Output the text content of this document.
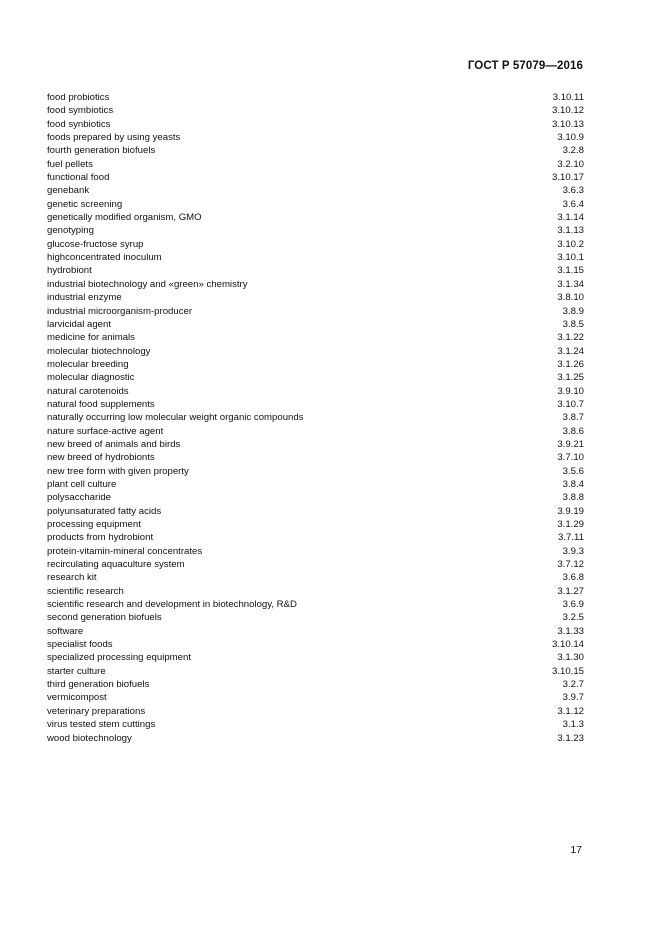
ГОСТ Р 57079—2016
food probiotics	3.10.11
food symbiotics	3.10.12
food synbiotics	3.10.13
foods prepared by using yeasts	3.10.9
fourth generation biofuels	3.2.8
fuel pellets	3.2.10
functional food	3.10.17
genebank	3.6.3
genetic screening	3.6.4
genetically modified organism, GMO	3.1.14
genotyping	3.1.13
glucose-fructose syrup	3.10.2
highconcentrated inoculum	3.10.1
hydrobiont	3.1.15
industrial biotechnology and «green» chemistry	3.1.34
industrial enzyme	3.8.10
industrial microorganism-producer	3.8.9
larvicidal agent	3.8.5
medicine for animals	3.1.22
molecular biotechnology	3.1.24
molecular breeding	3.1.26
molecular diagnostic	3.1.25
natural carotenoids	3.9.10
natural food supplements	3.10.7
naturally occurring low molecular weight organic compounds	3.8.7
nature surface-active agent	3.8.6
new breed of animals and birds	3.9.21
new breed of hydrobionts	3.7.10
new tree form with given property	3.5.6
plant cell culture	3.8.4
polysaccharide	3.8.8
polyunsaturated fatty acids	3.9.19
processing equipment	3.1.29
products from hydrobiont	3.7.11
protein-vitamin-mineral concentrates	3.9.3
recirculating aquaculture system	3.7.12
research kit	3.6.8
scientific research	3.1.27
scientific research and development in biotechnology, R&D	3.6.9
second generation biofuels	3.2.5
software	3.1.33
specialist foods	3.10.14
specialized processing equipment	3.1.30
starter culture	3.10.15
third generation biofuels	3.2.7
vermicompost	3.9.7
veterinary preparations	3.1.12
virus tested stem cuttings	3.1.3
wood biotechnology	3.1.23
17
